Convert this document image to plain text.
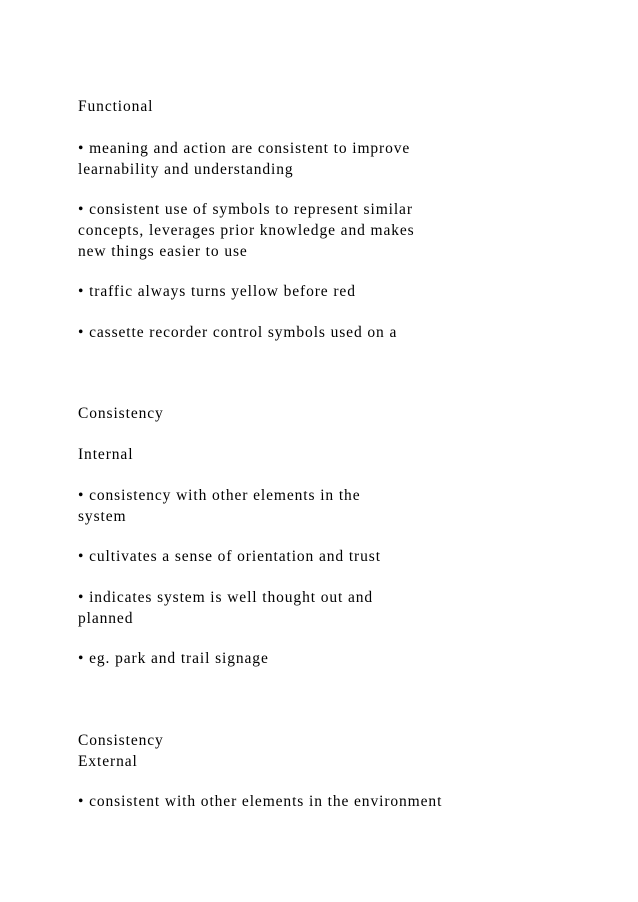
Functional
• meaning and action are consistent to improve
learnability and understanding
• consistent use of symbols to represent similar
concepts, leverages prior knowledge and makes
new things easier to use
• traffic always turns yellow before red
• cassette recorder control symbols used on a
Consistency
Internal
• consistency with other elements in the
system
• cultivates a sense of orientation and trust
• indicates system is well thought out and
planned
• eg. park and trail signage
Consistency
External
• consistent with other elements in the environment
